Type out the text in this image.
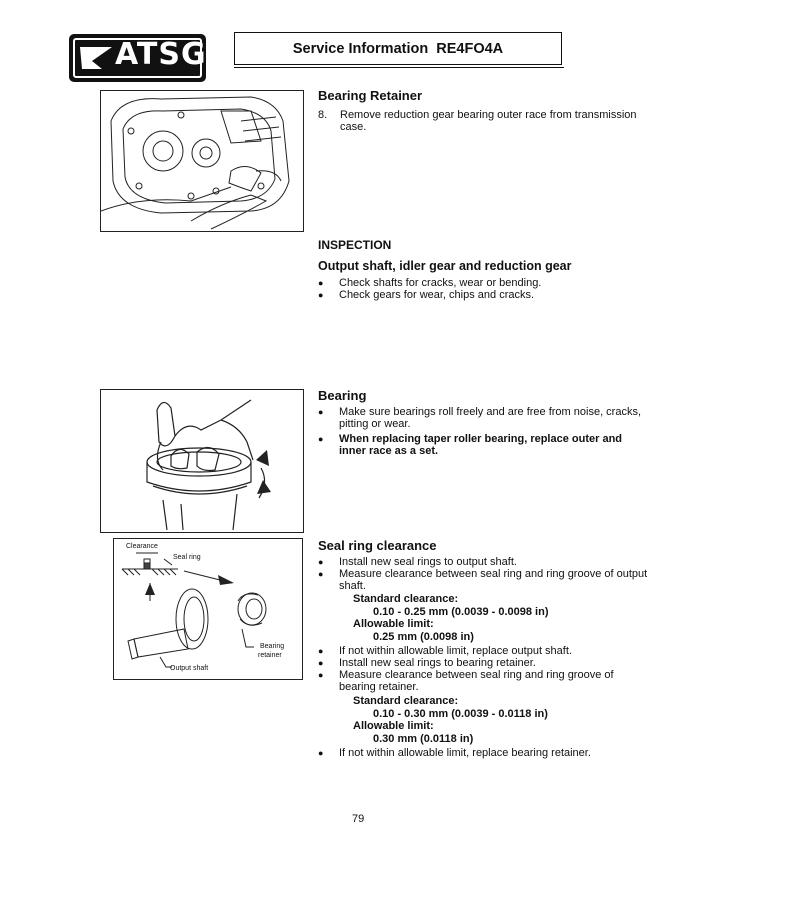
ATSG	Service Information RE4FO4A
Bearing Retainer
8. Remove reduction gear bearing outer race from transmission case.
INSPECTION
Output shaft, idler gear and reduction gear
● Check shafts for cracks, wear or bending.
● Check gears for wear, chips and cracks.
Bearing
● Make sure bearings roll freely and are free from noise, cracks, pitting or wear.
● When replacing taper roller bearing, replace outer and inner race as a set.
Clearance
Seal ring
Bearing
retainer
Output shaft
Seal ring clearance
● Install new seal rings to output shaft.
● Measure clearance between seal ring and ring groove of output shaft.
Standard clearance:
0.10 - 0.25 mm (0.0039 - 0.0098 in)
Allowable limit:
0.25 mm (0.0098 in)
● If not within allowable limit, replace output shaft.
● Install new seal rings to bearing retainer.
● Measure clearance between seal ring and ring groove of bearing retainer.
Standard clearance:
0.10 - 0.30 mm (0.0039 - 0.0118 in)
Allowable limit:
0.30 mm (0.0118 in)
● If not within allowable limit, replace bearing retainer.
79
